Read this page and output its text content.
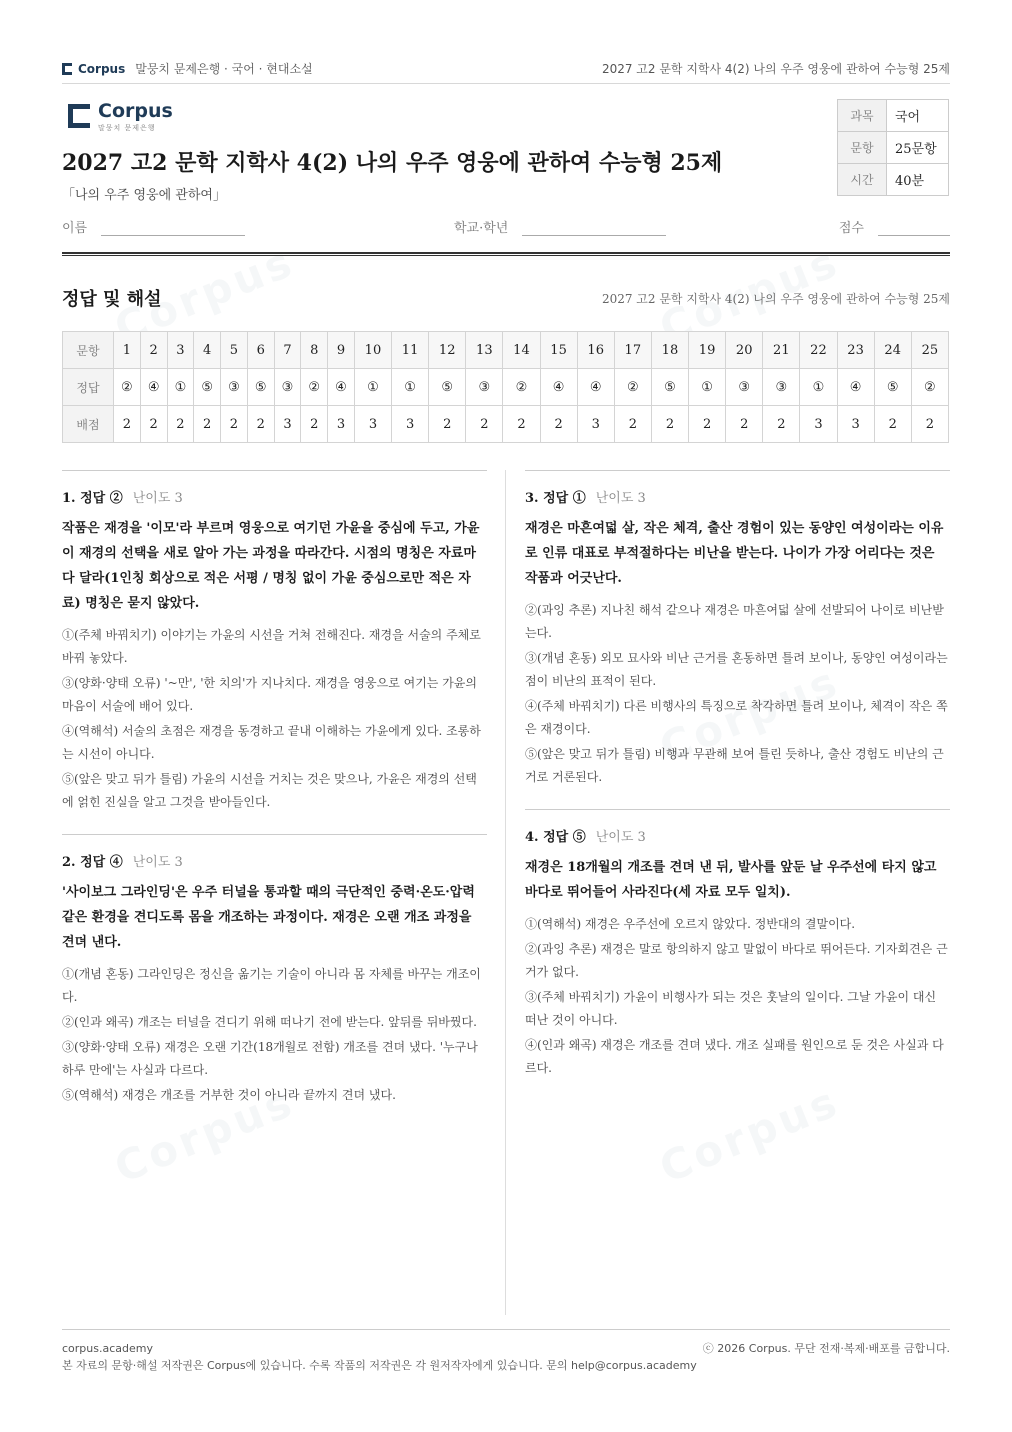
Corpus 말뭉치 문제은행 · 국어 · 현대소설	2027 고2 문학 지학사 4(2) 나의 우주 영웅에 관하여 수능형 25제
Corpus
말뭉치 문제은행
2027 고2 문학 지학사 4(2) 나의 우주 영웅에 관하여 수능형 25제
「나의 우주 영웅에 관하여」
과목	국어
문항	25문항
시간	40분
이름	학교·학년	점수
정답 및 해설	2027 고2 문학 지학사 4(2) 나의 우주 영웅에 관하여 수능형 25제
문항	1	2	3	4	5	6	7	8	9	10	11	12	13	14	15	16	17	18	19	20	21	22	23	24	25
정답	②	④	①	⑤	③	⑤	③	②	④	①	①	⑤	③	②	④	④	②	⑤	①	③	③	①	④	⑤	②
배점	2	2	2	2	2	2	3	2	3	3	3	2	2	2	2	3	2	2	2	2	2	3	3	2	2
1. 정답 ② 난이도 3
작품은 재경을 '이모'라 부르며 영웅으로 여기던 가윤을 중심에 두고, 가윤이 재경의 선택을 새로 알아 가는 과정을 따라간다. 시점의 명칭은 자료마다 달라(1인칭 회상으로 적은 서평 / 명칭 없이 가윤 중심으로만 적은 자료) 명칭은 묻지 않았다.
①(주체 바꿔치기) 이야기는 가윤의 시선을 거쳐 전해진다. 재경을 서술의 주체로 바꿔 놓았다.
③(양화·양태 오류) '~만', '한 치의'가 지나치다. 재경을 영웅으로 여기는 가윤의 마음이 서술에 배어 있다.
④(역해석) 서술의 초점은 재경을 동경하고 끝내 이해하는 가윤에게 있다. 조롱하는 시선이 아니다.
⑤(앞은 맞고 뒤가 틀림) 가윤의 시선을 거치는 것은 맞으나, 가윤은 재경의 선택에 얽힌 진실을 알고 그것을 받아들인다.
2. 정답 ④ 난이도 3
'사이보그 그라인딩'은 우주 터널을 통과할 때의 극단적인 중력·온도·압력 같은 환경을 견디도록 몸을 개조하는 과정이다. 재경은 오랜 개조 과정을 견뎌 낸다.
①(개념 혼동) 그라인딩은 정신을 옮기는 기술이 아니라 몸 자체를 바꾸는 개조이다.
②(인과 왜곡) 개조는 터널을 견디기 위해 떠나기 전에 받는다. 앞뒤를 뒤바꿨다.
③(양화·양태 오류) 재경은 오랜 기간(18개월로 전함) 개조를 견뎌 냈다. '누구나 하루 만에'는 사실과 다르다.
⑤(역해석) 재경은 개조를 거부한 것이 아니라 끝까지 견뎌 냈다.
3. 정답 ① 난이도 3
재경은 마흔여덟 살, 작은 체격, 출산 경험이 있는 동양인 여성이라는 이유로 인류 대표로 부적절하다는 비난을 받는다. 나이가 가장 어리다는 것은 작품과 어긋난다.
②(과잉 추론) 지나친 해석 같으나 재경은 마흔여덟 살에 선발되어 나이로 비난받는다.
③(개념 혼동) 외모 묘사와 비난 근거를 혼동하면 틀려 보이나, 동양인 여성이라는 점이 비난의 표적이 된다.
④(주체 바꿔치기) 다른 비행사의 특징으로 착각하면 틀려 보이나, 체격이 작은 쪽은 재경이다.
⑤(앞은 맞고 뒤가 틀림) 비행과 무관해 보여 틀린 듯하나, 출산 경험도 비난의 근거로 거론된다.
4. 정답 ⑤ 난이도 3
재경은 18개월의 개조를 견뎌 낸 뒤, 발사를 앞둔 날 우주선에 타지 않고 바다로 뛰어들어 사라진다(세 자료 모두 일치).
①(역해석) 재경은 우주선에 오르지 않았다. 정반대의 결말이다.
②(과잉 추론) 재경은 말로 항의하지 않고 말없이 바다로 뛰어든다. 기자회견은 근거가 없다.
③(주체 바꿔치기) 가윤이 비행사가 되는 것은 훗날의 일이다. 그날 가윤이 대신 떠난 것이 아니다.
④(인과 왜곡) 재경은 개조를 견뎌 냈다. 개조 실패를 원인으로 둔 것은 사실과 다르다.
corpus.academy	ⓒ 2026 Corpus. 무단 전재·복제·배포를 금합니다.
본 자료의 문항·해설 저작권은 Corpus에 있습니다. 수록 작품의 저작권은 각 원저작자에게 있습니다. 문의 help@corpus.academy
